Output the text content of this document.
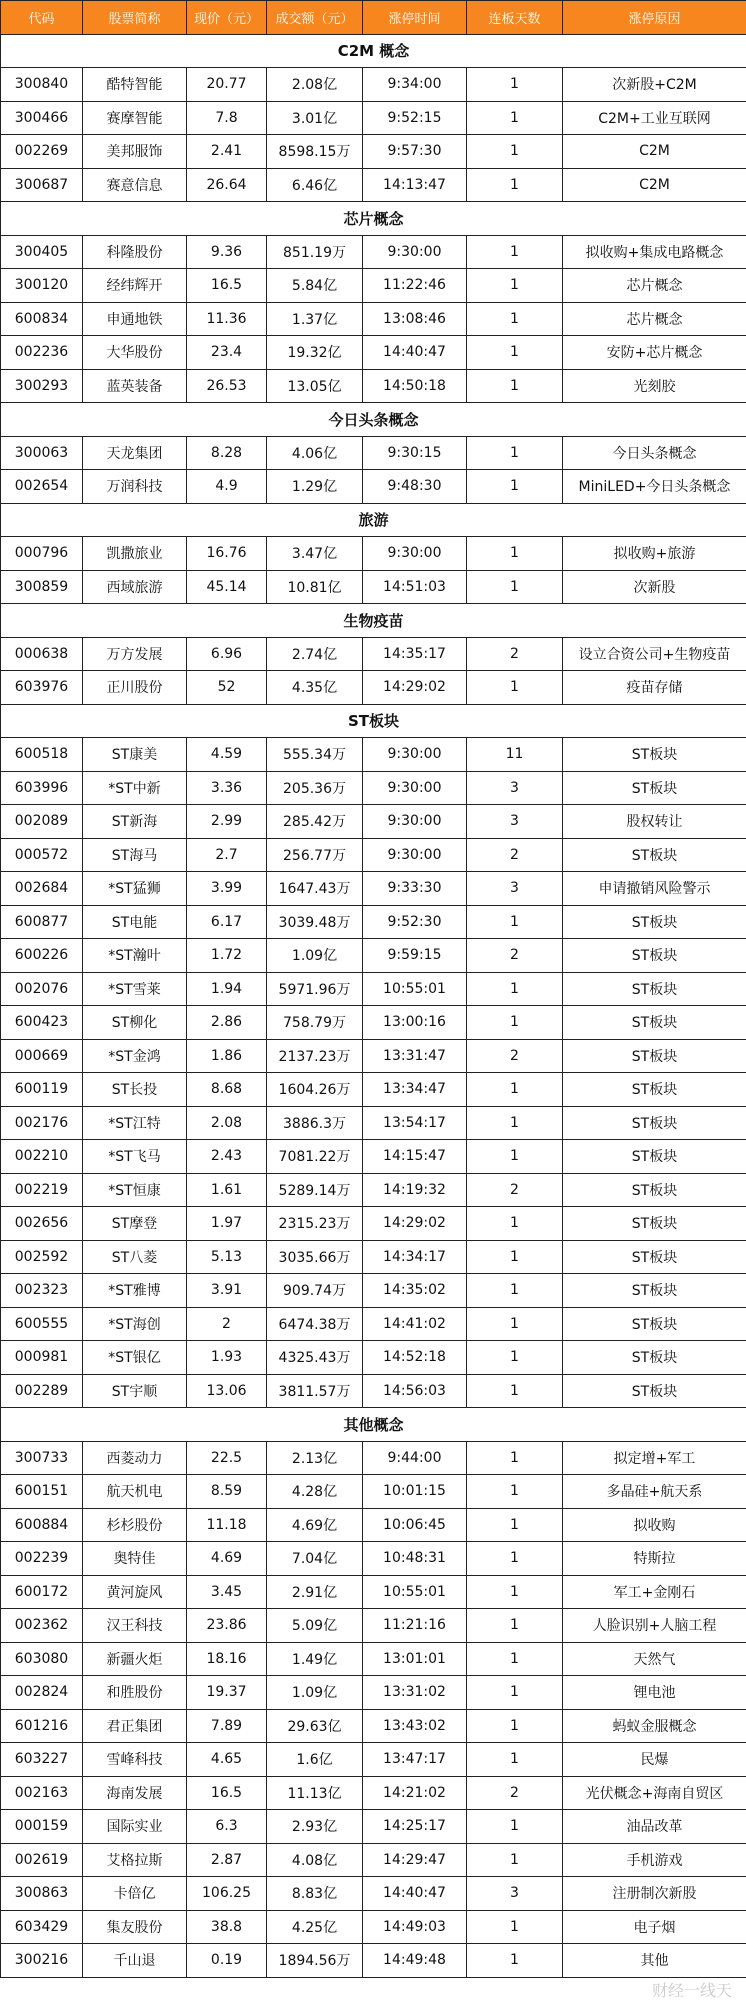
代码	股票简称	现价（元）	成交额（元）	涨停时间	连板天数	涨停原因
C2M 概念						
300840	酷特智能	20.77	2.08亿	9:34:00	1	次新股+C2M
300466	赛摩智能	7.8	3.01亿	9:52:15	1	C2M+工业互联网
002269	美邦服饰	2.41	8598.15万	9:57:30	1	C2M
300687	赛意信息	26.64	6.46亿	14:13:47	1	C2M
芯片概念						
300405	科隆股份	9.36	851.19万	9:30:00	1	拟收购+集成电路概念
300120	经纬辉开	16.5	5.84亿	11:22:46	1	芯片概念
600834	申通地铁	11.36	1.37亿	13:08:46	1	芯片概念
002236	大华股份	23.4	19.32亿	14:40:47	1	安防+芯片概念
300293	蓝英装备	26.53	13.05亿	14:50:18	1	光刻胶
今日头条概念						
300063	天龙集团	8.28	4.06亿	9:30:15	1	今日头条概念
002654	万润科技	4.9	1.29亿	9:48:30	1	MiniLED+今日头条概念
旅游						
000796	凯撒旅业	16.76	3.47亿	9:30:00	1	拟收购+旅游
300859	西域旅游	45.14	10.81亿	14:51:03	1	次新股
生物疫苗						
000638	万方发展	6.96	2.74亿	14:35:17	2	设立合资公司+生物疫苗
603976	正川股份	52	4.35亿	14:29:02	1	疫苗存储
ST板块						
600518	ST康美	4.59	555.34万	9:30:00	11	ST板块
603996	*ST中新	3.36	205.36万	9:30:00	3	ST板块
002089	ST新海	2.99	285.42万	9:30:00	3	股权转让
000572	ST海马	2.7	256.77万	9:30:00	2	ST板块
002684	*ST猛狮	3.99	1647.43万	9:33:30	3	申请撤销风险警示
600877	ST电能	6.17	3039.48万	9:52:30	1	ST板块
600226	*ST瀚叶	1.72	1.09亿	9:59:15	2	ST板块
002076	*ST雪莱	1.94	5971.96万	10:55:01	1	ST板块
600423	ST柳化	2.86	758.79万	13:00:16	1	ST板块
000669	*ST金鸿	1.86	2137.23万	13:31:47	2	ST板块
600119	ST长投	8.68	1604.26万	13:34:47	1	ST板块
002176	*ST江特	2.08	3886.3万	13:54:17	1	ST板块
002210	*ST飞马	2.43	7081.22万	14:15:47	1	ST板块
002219	*ST恒康	1.61	5289.14万	14:19:32	2	ST板块
002656	ST摩登	1.97	2315.23万	14:29:02	1	ST板块
002592	ST八菱	5.13	3035.66万	14:34:17	1	ST板块
002323	*ST雅博	3.91	909.74万	14:35:02	1	ST板块
600555	*ST海创	2	6474.38万	14:41:02	1	ST板块
000981	*ST银亿	1.93	4325.43万	14:52:18	1	ST板块
002289	ST宇顺	13.06	3811.57万	14:56:03	1	ST板块
其他概念						
300733	西菱动力	22.5	2.13亿	9:44:00	1	拟定增+军工
600151	航天机电	8.59	4.28亿	10:01:15	1	多晶硅+航天系
600884	杉杉股份	11.18	4.69亿	10:06:45	1	拟收购
002239	奥特佳	4.69	7.04亿	10:48:31	1	特斯拉
600172	黄河旋风	3.45	2.91亿	10:55:01	1	军工+金刚石
002362	汉王科技	23.86	5.09亿	11:21:16	1	人脸识别+人脑工程
603080	新疆火炬	18.16	1.49亿	13:01:01	1	天然气
002824	和胜股份	19.37	1.09亿	13:31:02	1	锂电池
601216	君正集团	7.89	29.63亿	13:43:02	1	蚂蚁金服概念
603227	雪峰科技	4.65	1.6亿	13:47:17	1	民爆
002163	海南发展	16.5	11.13亿	14:21:02	2	光伏概念+海南自贸区
000159	国际实业	6.3	2.93亿	14:25:17	1	油品改革
002619	艾格拉斯	2.87	4.08亿	14:29:47	1	手机游戏
300863	卡倍亿	106.25	8.83亿	14:40:47	3	注册制次新股
603429	集友股份	38.8	4.25亿	14:49:03	1	电子烟
300216	千山退	0.19	1894.56万	14:49:48	1	其他
财经一线天
